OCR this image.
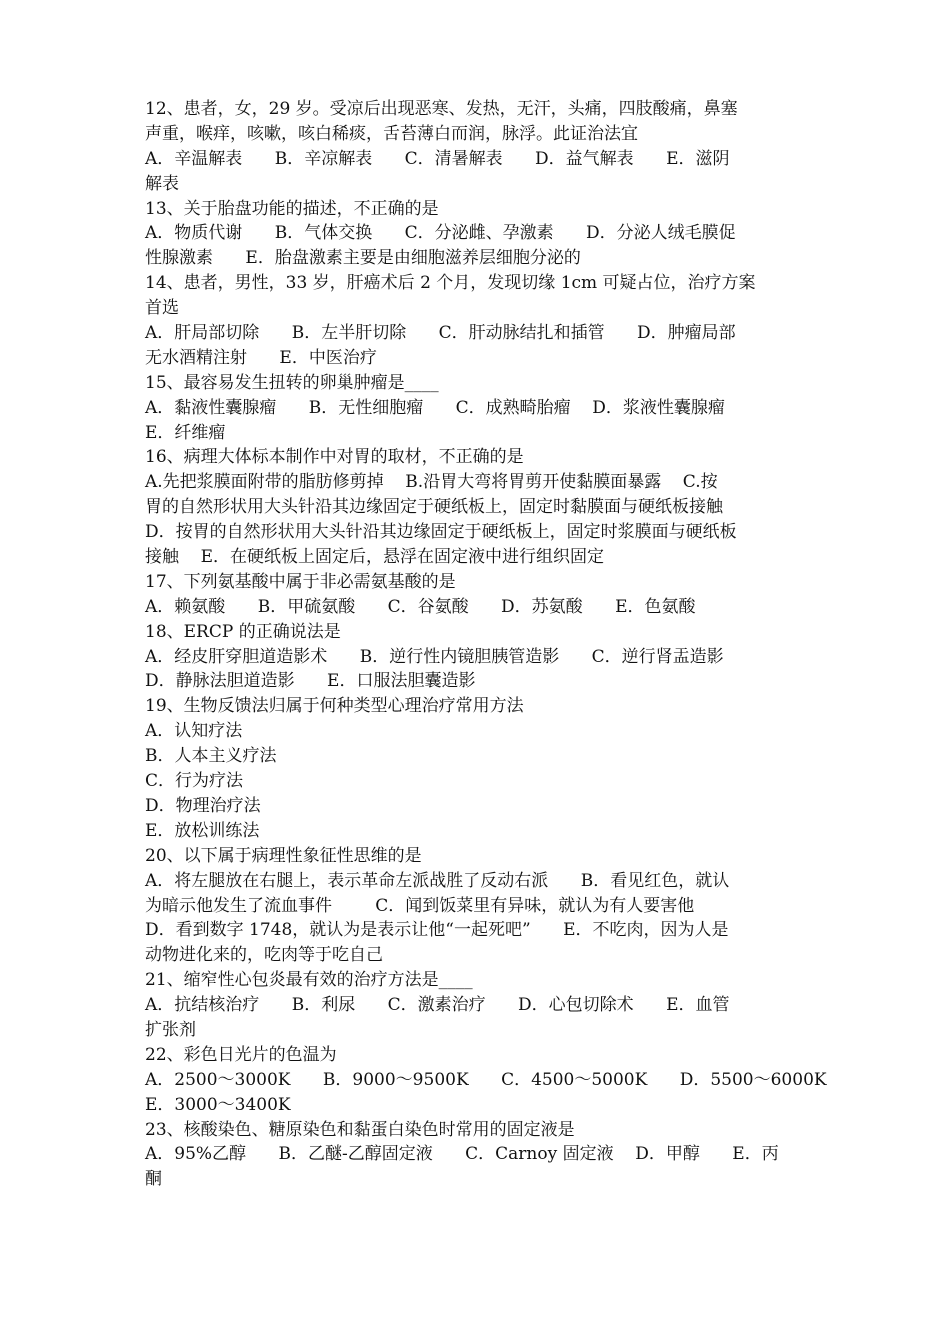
12、患者，女，29 岁。受凉后出现恶寒、发热，无汗，头痛，四肢酸痛，鼻塞
声重，喉痒，咳嗽，咳白稀痰，舌苔薄白而润，脉浮。此证治法宜
A．辛温解表      B．辛凉解表      C．清暑解表      D．益气解表      E．滋阴
解表
13、关于胎盘功能的描述，不正确的是
A．物质代谢      B．气体交换      C．分泌雌、孕激素      D．分泌人绒毛膜促
性腺激素      E．胎盘激素主要是由细胞滋养层细胞分泌的
14、患者，男性，33 岁，肝癌术后 2 个月，发现切缘 1cm 可疑占位，治疗方案
首选
A．肝局部切除      B．左半肝切除      C．肝动脉结扎和插管      D．肿瘤局部
无水酒精注射      E．中医治疗
15、最容易发生扭转的卵巢肿瘤是____
A．黏液性囊腺瘤      B．无性细胞瘤      C．成熟畸胎瘤    D．浆液性囊腺瘤
E．纤维瘤
16、病理大体标本制作中对胃的取材，不正确的是
A.先把浆膜面附带的脂肪修剪掉    B.沿胃大弯将胃剪开使黏膜面暴露    C.按
胃的自然形状用大头针沿其边缘固定于硬纸板上，固定时黏膜面与硬纸板接触
D．按胃的自然形状用大头针沿其边缘固定于硬纸板上，固定时浆膜面与硬纸板
接触    E．在硬纸板上固定后，悬浮在固定液中进行组织固定
17、下列氨基酸中属于非必需氨基酸的是
A．赖氨酸      B．甲硫氨酸      C．谷氨酸      D．苏氨酸      E．色氨酸
18、ERCP 的正确说法是
A．经皮肝穿胆道造影术      B．逆行性内镜胆胰管造影      C．逆行肾盂造影
D．静脉法胆道造影      E．口服法胆囊造影
19、生物反馈法归属于何种类型心理治疗常用方法
A．认知疗法
B．人本主义疗法
C．行为疗法
D．物理治疗法
E．放松训练法
20、以下属于病理性象征性思维的是
A．将左腿放在右腿上，表示革命左派战胜了反动右派      B．看见红色，就认
为暗示他发生了流血事件        C．闻到饭菜里有异味，就认为有人要害他
D．看到数字 1748，就认为是表示让他“一起死吧”      E．不吃肉，因为人是
动物进化来的，吃肉等于吃自己
21、缩窄性心包炎最有效的治疗方法是____
A．抗结核治疗      B．利尿      C．激素治疗      D．心包切除术      E．血管
扩张剂
22、彩色日光片的色温为
A．2500～3000K      B．9000～9500K      C．4500～5000K      D．5500～6000K
E．3000～3400K
23、核酸染色、糖原染色和黏蛋白染色时常用的固定液是
A．95%乙醇      B．乙醚-乙醇固定液      C．Carnoy 固定液    D．甲醇      E．丙
酮
